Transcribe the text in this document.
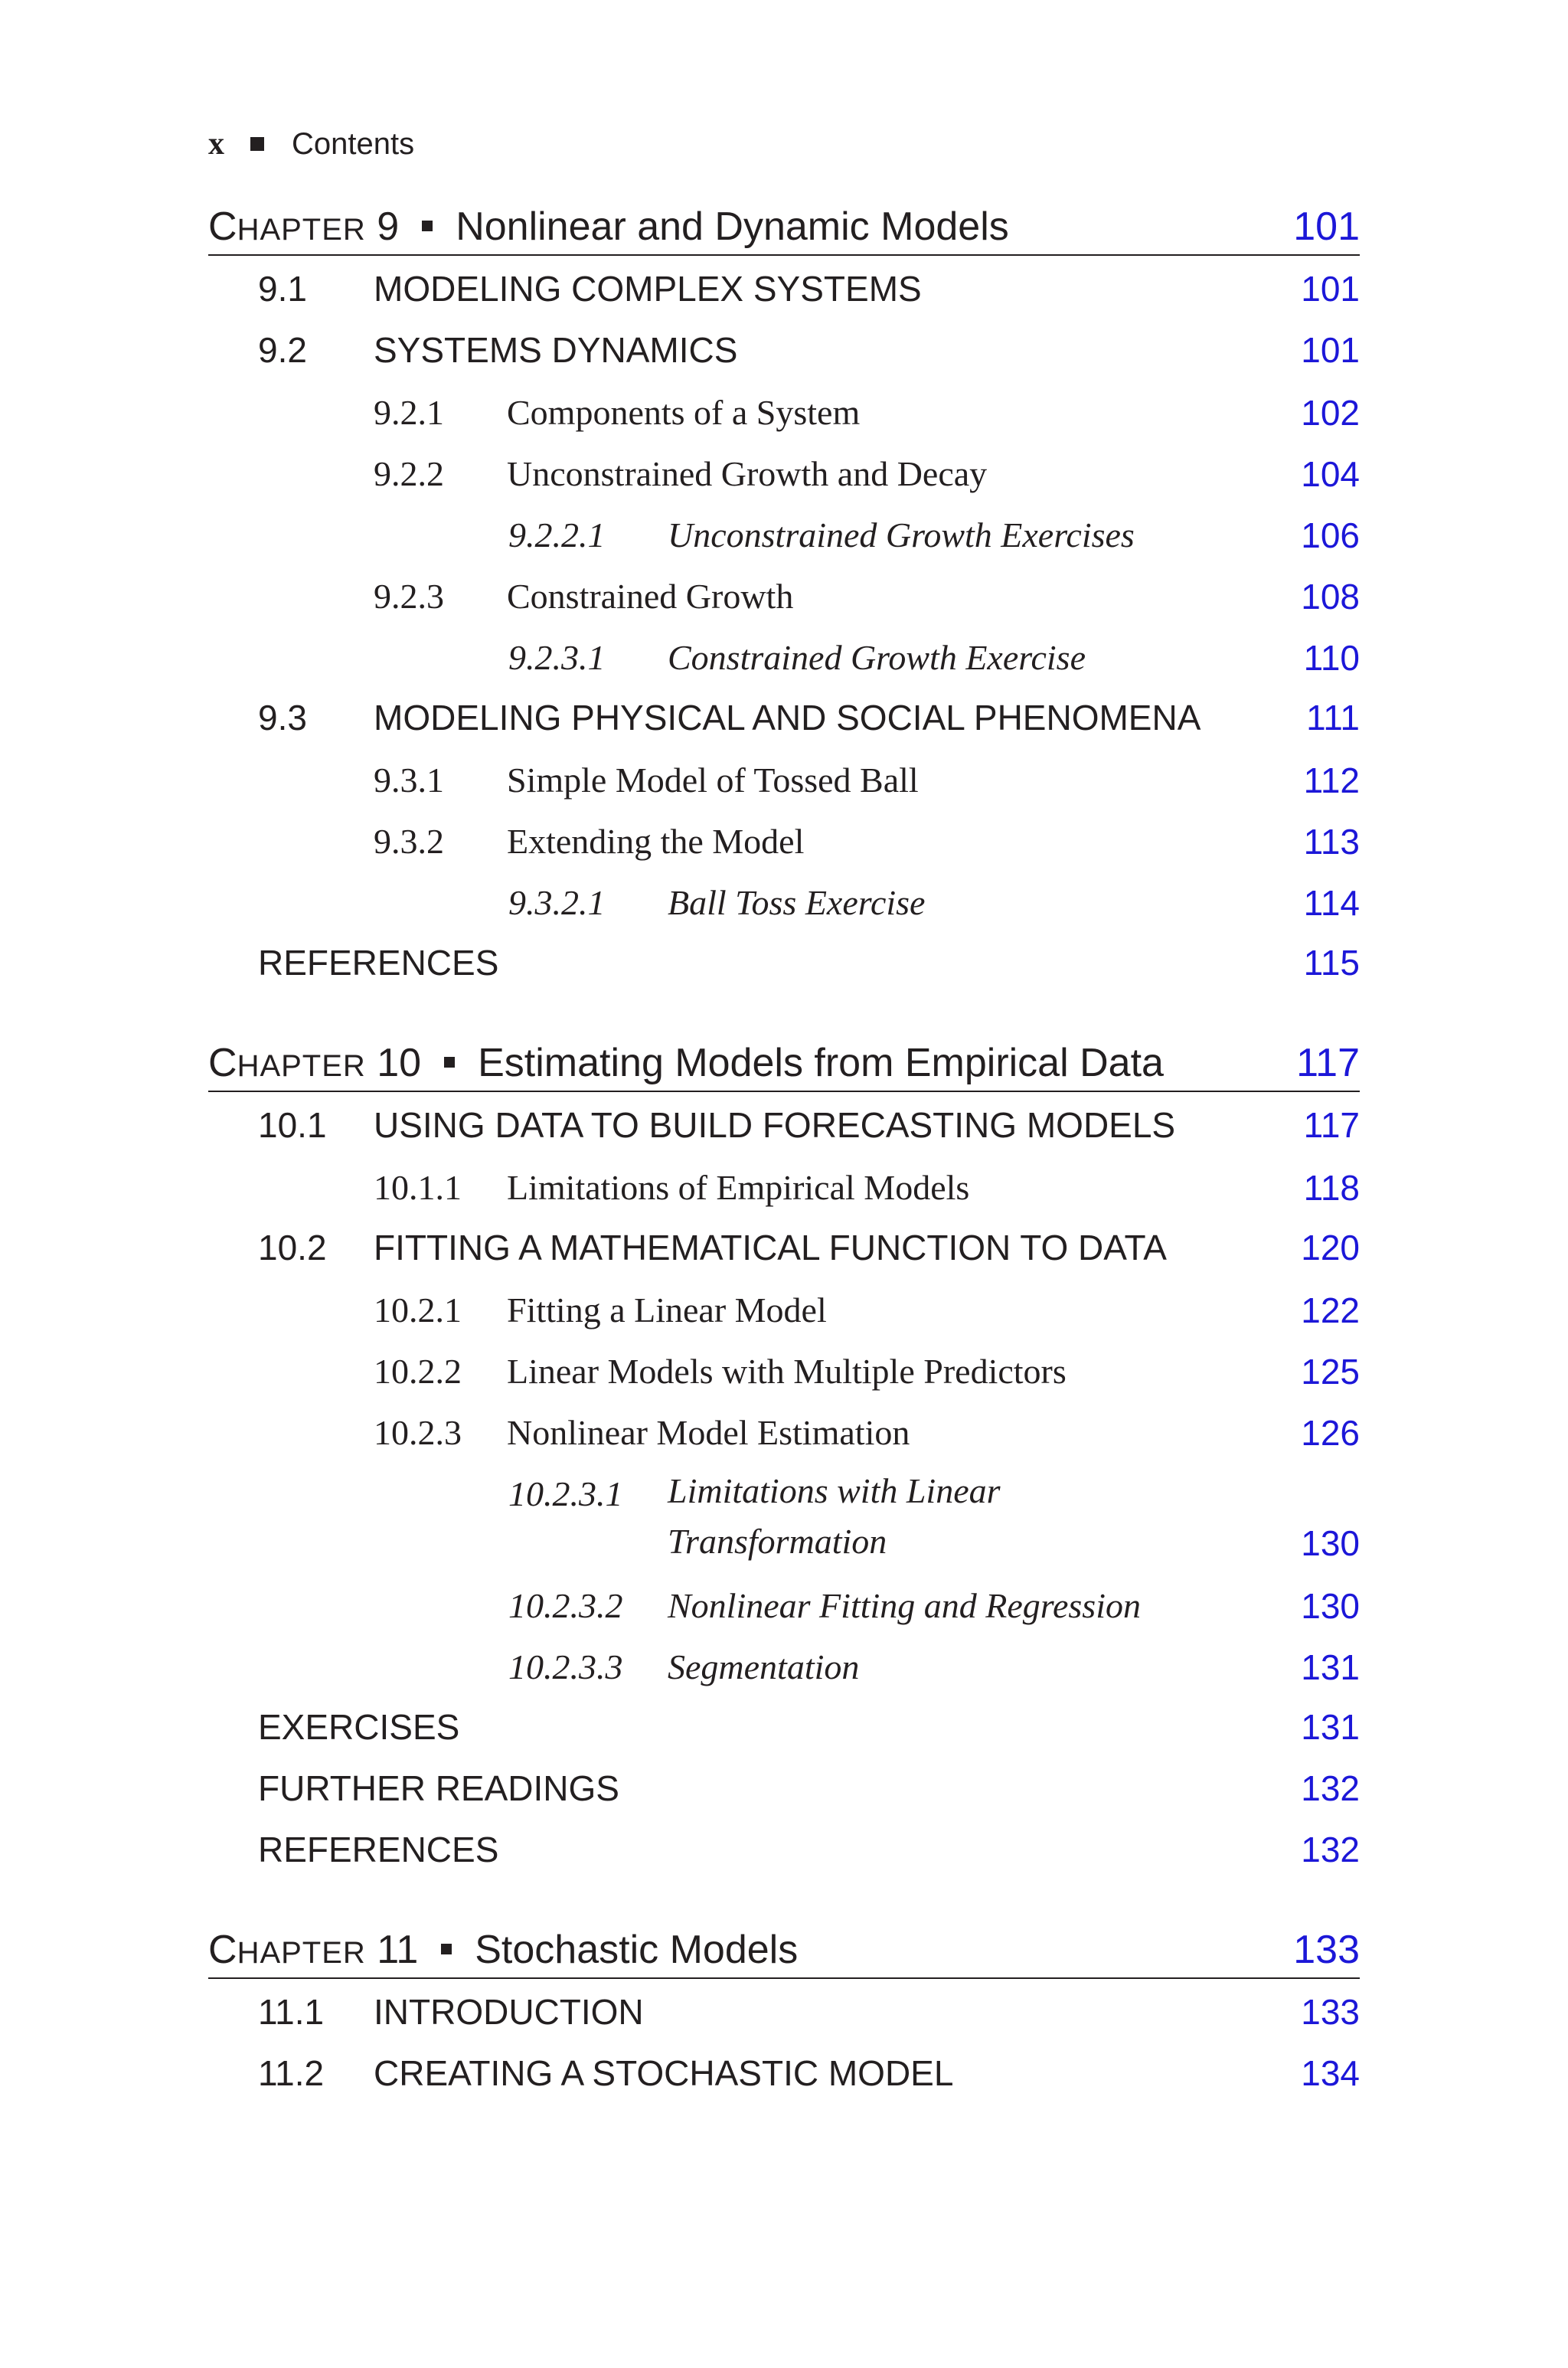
x Contents
CHAPTER 9 Nonlinear and Dynamic Models	101
9.1 MODELING COMPLEX SYSTEMS	101
9.2 SYSTEMS DYNAMICS	101
9.2.1 Components of a System	102
9.2.2 Unconstrained Growth and Decay	104
9.2.2.1 Unconstrained Growth Exercises	106
9.2.3 Constrained Growth	108
9.2.3.1 Constrained Growth Exercise	110
9.3 MODELING PHYSICAL AND SOCIAL PHENOMENA	111
9.3.1 Simple Model of Tossed Ball	112
9.3.2 Extending the Model	113
9.3.2.1 Ball Toss Exercise	114
REFERENCES	115
CHAPTER 10 Estimating Models from Empirical Data	117
10.1 USING DATA TO BUILD FORECASTING MODELS	117
10.1.1 Limitations of Empirical Models	118
10.2 FITTING A MATHEMATICAL FUNCTION TO DATA	120
10.2.1 Fitting a Linear Model	122
10.2.2 Linear Models with Multiple Predictors	125
10.2.3 Nonlinear Model Estimation	126
10.2.3.1 Limitations with Linear
Transformation	130
10.2.3.2 Nonlinear Fitting and Regression	130
10.2.3.3 Segmentation	131
EXERCISES	131
FURTHER READINGS	132
REFERENCES	132
CHAPTER 11 Stochastic Models	133
11.1 INTRODUCTION	133
11.2 CREATING A STOCHASTIC MODEL	134
